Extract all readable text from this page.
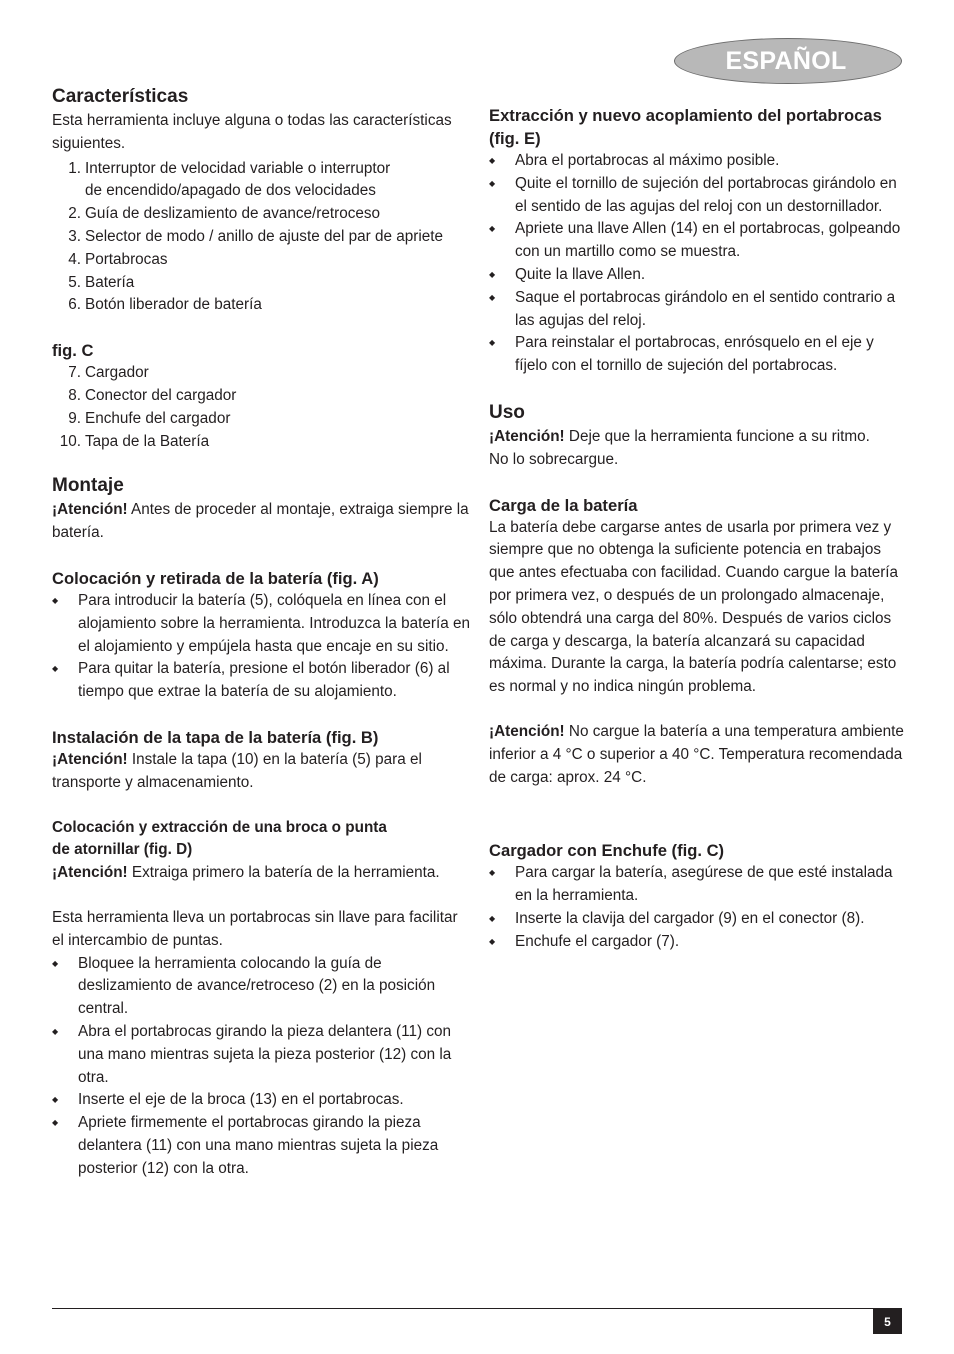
ESPAÑOL
Características

Esta herramienta incluye alguna o todas las características siguientes.

1. Interruptor de velocidad variable o interruptor
de encendido/apagado de dos velocidades
2. Guía de deslizamiento de avance/retroceso
3. Selector de modo / anillo de ajuste del par de apriete
4. Portabrocas
5. Batería
6. Botón liberador de batería
fig. C
7. Cargador
8. Conector del cargador
9. Enchufe del cargador
10. Tapa de la Batería
Montaje

¡Atención! Antes de proceder al montaje, extraiga siempre la batería.

Colocación y retirada de la batería (fig. A)
◆	Para introducir la batería (5), colóquela en línea con el alojamiento sobre la herramienta. Introduzca la batería en el alojamiento y empújela hasta que encaje en su sitio.
◆	Para quitar la batería, presione el botón liberador (6) al tiempo que extrae la batería de su alojamiento.
Instalación de la tapa de la batería (fig. B)

¡Atención! Instale la tapa (10) en la batería (5) para el transporte y almacenamiento.

Colocación y extracción de una broca o punta
de atornillar (fig. D)

¡Atención! Extraiga primero la batería de la herramienta.

Esta herramienta lleva un portabrocas sin llave para facilitar el intercambio de puntas.

◆	Bloquee la herramienta colocando la guía de deslizamiento de avance/retroceso (2) en la posición central.
◆	Abra el portabrocas girando la pieza delantera (11) con una mano mientras sujeta la pieza posterior (12) con la otra.
◆	Inserte el eje de la broca (13) en el portabrocas.
◆	Apriete firmemente el portabrocas girando la pieza delantera (11) con una mano mientras sujeta la pieza posterior (12) con la otra.
Extracción y nuevo acoplamiento del portabrocas (fig. E)
◆	Abra el portabrocas al máximo posible.
◆	Quite el tornillo de sujeción del portabrocas girándolo en el sentido de las agujas del reloj con un destornillador.
◆	Apriete una llave Allen (14) en el portabrocas, golpeando con un martillo como se muestra.
◆	Quite la llave Allen.
◆	Saque el portabrocas girándolo en el sentido contrario a las agujas del reloj.
◆	Para reinstalar el portabrocas, enrósquelo en el eje y fíjelo con el tornillo de sujeción del portabrocas.
Uso

¡Atención! Deje que la herramienta funcione a su ritmo.

No lo sobrecargue.

Carga de la batería

La batería debe cargarse antes de usarla por primera vez y siempre que no obtenga la suficiente potencia en trabajos que antes efectuaba con facilidad. Cuando cargue la batería por primera vez, o después de un prolongado almacenaje, sólo obtendrá una carga del 80%. Después de varios ciclos de carga y descarga, la batería alcanzará su capacidad máxima. Durante la carga, la batería podría calentarse; esto es normal y no indica ningún problema.

¡Atención! No cargue la batería a una temperatura ambiente inferior a 4 °C o superior a 40 °C. Temperatura recomendada de carga: aprox. 24 °C.

Cargador con Enchufe (fig. C)
◆	Para cargar la batería, asegúrese de que esté instalada en la herramienta.
◆	Inserte la clavija del cargador (9) en el conector (8).
◆	Enchufe el cargador (7).
5
